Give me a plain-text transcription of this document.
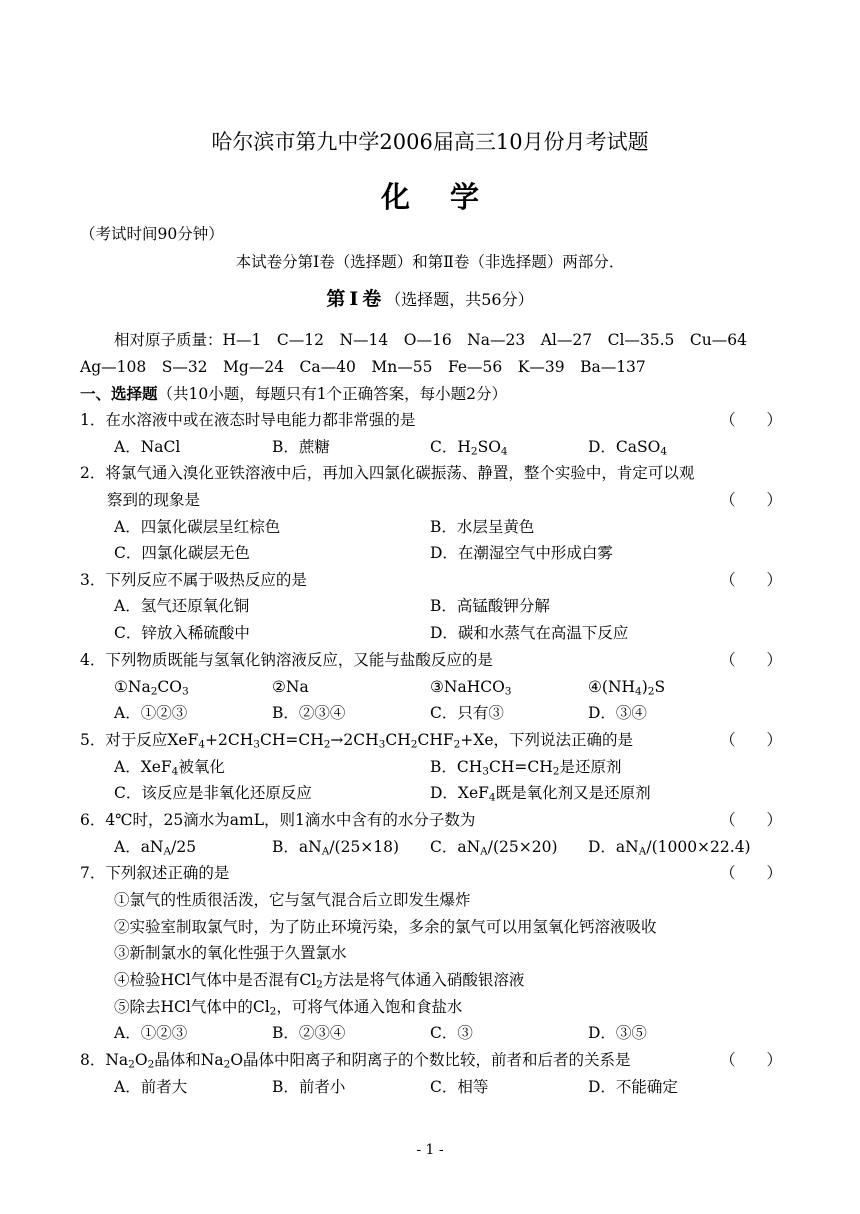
哈尔滨市第九中学2006届高三10月份月考试题
化学
（考试时间90分钟）
本试卷分第Ⅰ卷（选择题）和第Ⅱ卷（非选择题）两部分．
第Ⅰ卷（选择题，共56分）
相对原子质量：H—1　C—12　N—14　O—16　Na—23　Al—27　Cl—35.5　Cu—64
Ag—108　S—32　Mg—24　Ca—40　Mn—55　Fe—56　K—39　Ba—137
一、选择题（共10小题，每题只有1个正确答案，每小题2分）
1．在水溶液中或在液态时导电能力都非常强的是	（　　）
A．NaCl	B．蔗糖	C．$H_2SO_4$	D．CaSO$_4$
2．将氯气通入溴化亚铁溶液中后，再加入四氯化碳振荡、静置，整个实验中，肯定可以观
察到的现象是	（　　）
A．四氯化碳层呈红棕色	B．水层呈黄色
C．四氯化碳层无色	D．在潮湿空气中形成白雾
3．下列反应不属于吸热反应的是	（　　）
A．氢气还原氧化铜	B．高锰酸钾分解
C．锌放入稀硫酸中	D．碳和水蒸气在高温下反应
4．下列物质既能与氢氧化钠溶液反应，又能与盐酸反应的是	（　　）
$①Na_2CO_3$	②Na	③NaHCO$_3$	$④(NH_4)_2S$
A．①②③	B．②③④	C．只有③	D．③④
5．对于反应$XeF_4+2CH_3CH=CH_2\to 2CH_3CH_2CHF_2+Xe$，下列说法正确的是	（　　）
A．XeF$_4$被氧化	B．$CH_3CH=CH_2$是还原剂
C．该反应是非氧化还原反应	D．XeF$_4$既是氧化剂又是还原剂
6．4℃时，25滴水为amL，则1滴水中含有的水分子数为	（　　）
A．$aN_A/25$	B．$aN_A/(25\times 18)$ C．$aN_A/(25\times 20)$ D．$aN_A/(1000\times 22.4)$
7．下列叙述正确的是	（　　）
①氯气的性质很活泼，它与氢气混合后立即发生爆炸
②实验室制取氯气时，为了防止环境污染，多余的氯气可以用氢氧化钙溶液吸收
③新制氯水的氧化性强于久置氯水
④检验HCl气体中是否混有$Cl_2$方法是将气体通入硝酸银溶液
⑤除去HCl气体中的$Cl_2$，可将气体通入饱和食盐水
A．①②③	B．②③④	C．③	D．③⑤
8．$Na_2O_2$晶体和$Na_2O$晶体中阳离子和阴离子的个数比较，前者和后者的关系是	（　　）
A．前者大	B．前者小	C．相等	D．不能确定
- 1 -
